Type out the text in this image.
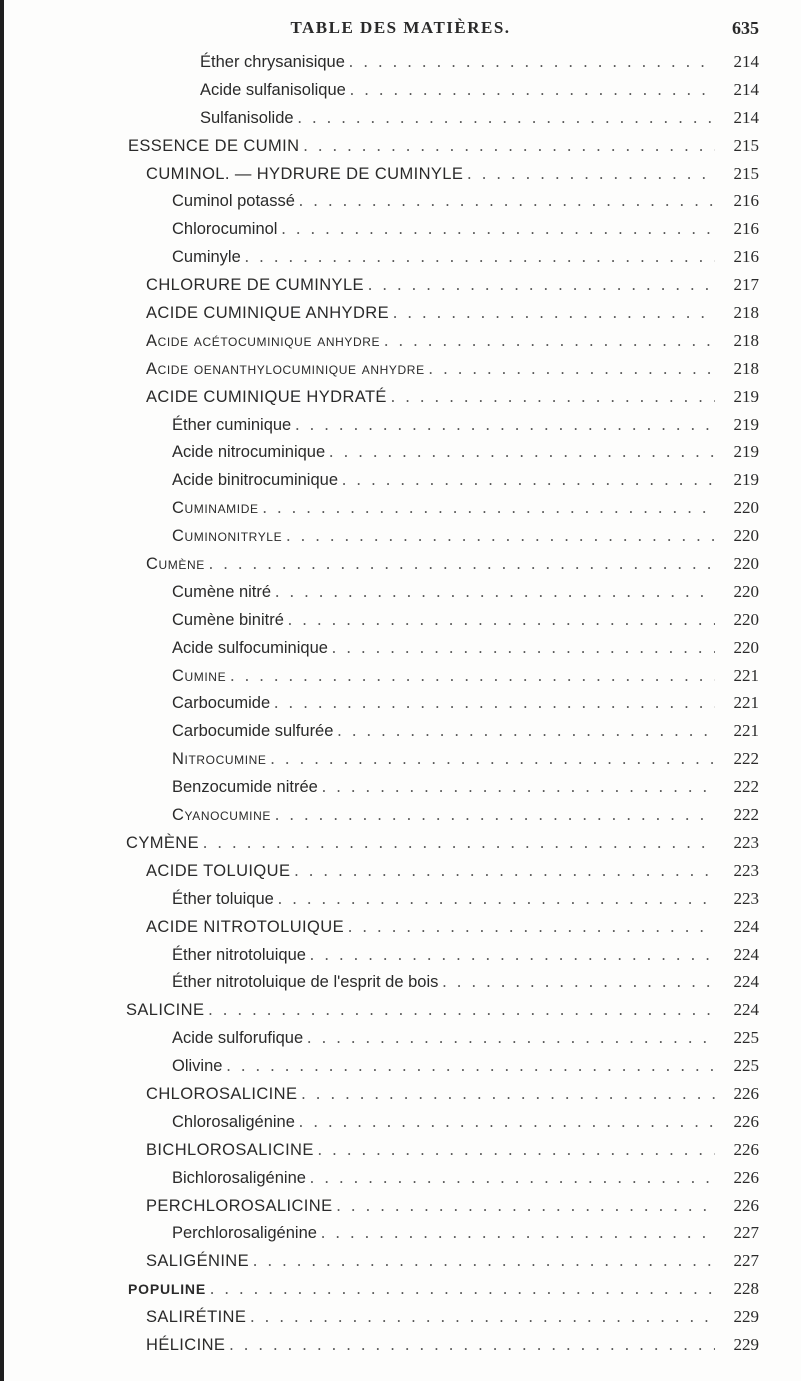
TABLE DES MATIÈRES.	635
Éther chrysanisique . . .	214
Acide sulfanisolique . . .	214
Sulfanisolide . . .	214
ESSENCE DE CUMIN . . .	215
CUMINOL. — HYDRURE DE CUMINYLE . . .	215
Cuminol potassé . . .	216
Chlorocuminol . . .	216
Cuminyle . . .	216
CHLORURE DE CUMINYLE . . .	217
ACIDE CUMINIQUE ANHYDRE . . .	218
Acide acétocuminique anhydre . . .	218
Acide oenanthylocuminique anhydre . . .	218
ACIDE CUMINIQUE HYDRATÉ . . .	219
Éther cuminique . . .	219
Acide nitrocuminique . . .	219
Acide binitrocuminique . . .	219
Cuminamide . . .	220
Cuminonitryle . . .	220
Cumène . . .	220
Cumène nitré . . .	220
Cumène binitré . . .	220
Acide sulfocuminique . . .	220
Cumine . . .	221
Carbocumide . . .	221
Carbocumide sulfurée . . .	221
Nitrocumine . . .	222
Benzocumide nitrée . . .	222
Cyanocumine . . .	222
CYMÈNE . . .	223
ACIDE TOLUIQUE . . .	223
Éther toluique . . .	223
ACIDE NITROTOLUIQUE . . .	224
Éther nitrotoluique . . .	224
Éther nitrotoluique de l'esprit de bois . . .	224
SALICINE . . .	224
Acide sulforufique . . .	225
Olivine . . .	225
CHLOROSALICINE . . .	226
Chlorosaligénine . . .	226
BICHLOROSALICINE . . .	226
Bichlorosaligénine . . .	226
PERCHLOROSALICINE . . .	226
Perchlorosaligénine . . .	227
SALIGÉNINE . . .	227
POPULINE . . .	228
SALIRÉTINE . . .	229
HÉLICINE . . .	229
